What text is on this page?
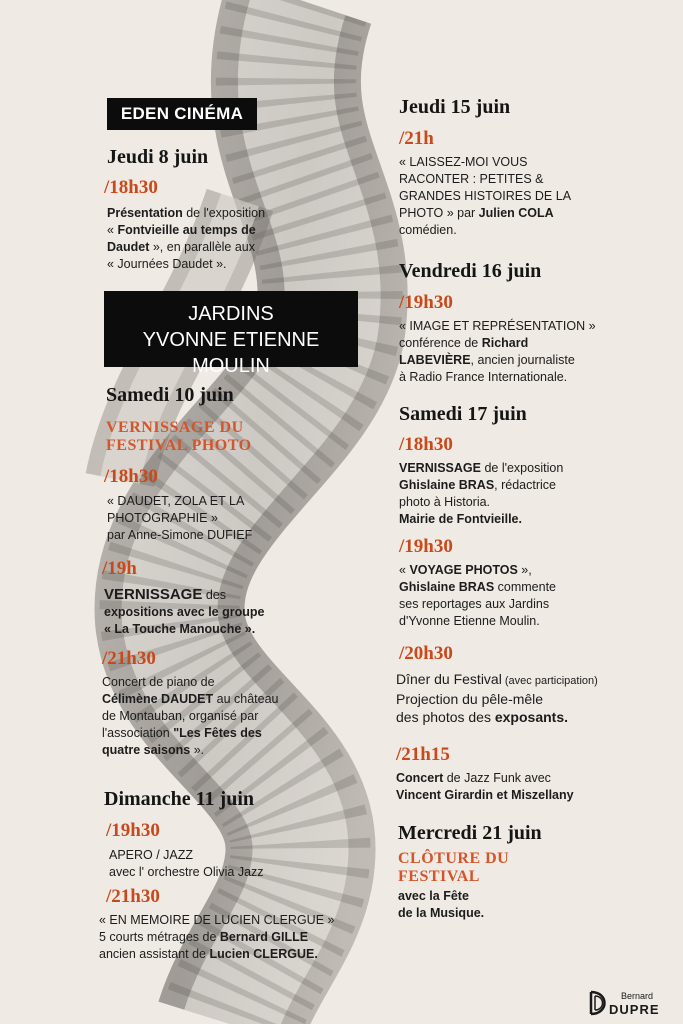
EDEN CINÉMA
Jeudi 8 juin
/18h30
Présentation de l'exposition
« Fontvieille au temps de
Daudet », en parallèle aux
« Journées Daudet ».
JARDINS
YVONNE ETIENNE MOULIN
Samedi 10 juin
VERNISSAGE DU
FESTIVAL PHOTO
/18h30
« DAUDET, ZOLA ET LA
PHOTOGRAPHIE »
par Anne-Simone DUFIEF
/19h
VERNISSAGE des
expositions avec le groupe
« La Touche Manouche ».
/21h30
Concert de piano de
Célimène DAUDET au château
de Montauban, organisé par
l'association "Les Fêtes des
quatre saisons ».
Dimanche 11 juin
/19h30
APERO / JAZZ
avec l' orchestre Olivia Jazz
/21h30
« EN MEMOIRE DE LUCIEN CLERGUE »
5 courts métrages de Bernard GILLE
ancien assistant de Lucien CLERGUE.
Jeudi 15 juin
/21h
« LAISSEZ-MOI VOUS
RACONTER : PETITES &
GRANDES HISTOIRES DE LA
PHOTO » par Julien COLA
comédien.
Vendredi 16 juin
/19h30
« IMAGE ET REPRÉSENTATION »
conférence de Richard
LABEVIÈRE, ancien journaliste
à Radio France Internationale.
Samedi 17 juin
/18h30
VERNISSAGE de l'exposition
Ghislaine BRAS, rédactrice
photo à Historia.
Mairie de Fontvieille.
/19h30
« VOYAGE PHOTOS »,
Ghislaine BRAS commente
ses reportages aux Jardins
d'Yvonne Etienne Moulin.
/20h30
Dîner du Festival (avec participation)
Projection du pêle-mêle
des photos des exposants.
/21h15
Concert de Jazz Funk avec
Vincent Girardin et Miszellany
Mercredi 21 juin
CLÔTURE DU
FESTIVAL
avec la Fête
de la Musique.
Bernard
DUPRE
